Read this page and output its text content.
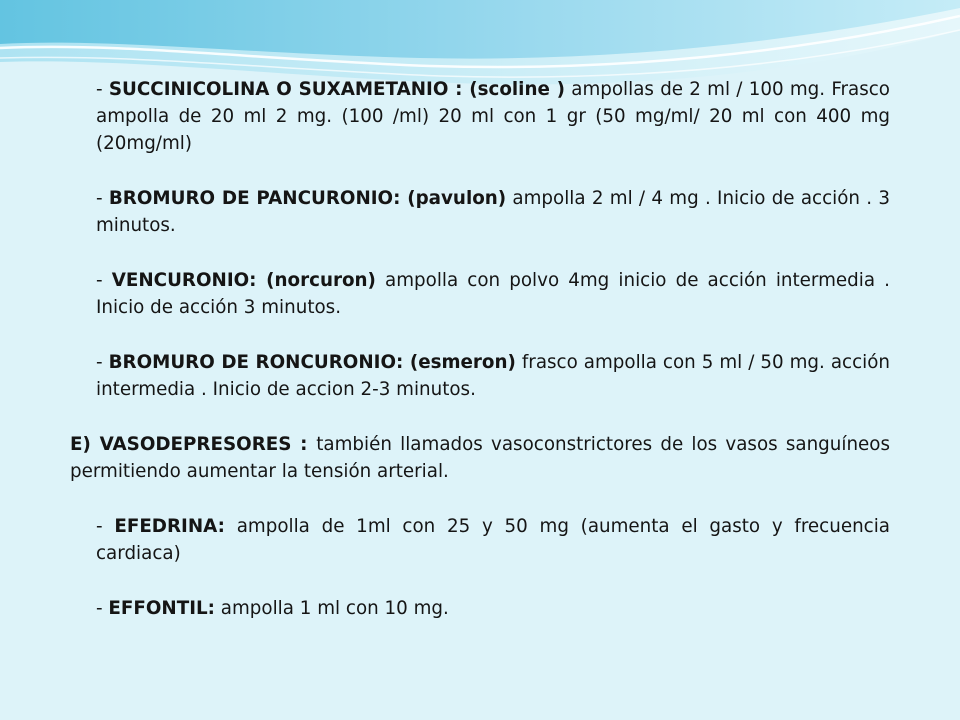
- SUCCINICOLINA O SUXAMETANIO : (scoline ) ampollas de 2 ml / 100 mg. Frasco ampolla de 20 ml 2 mg. (100 /ml) 20 ml con 1 gr (50 mg/ml/ 20 ml con 400 mg (20mg/ml)

- BROMURO DE PANCURONIO: (pavulon) ampolla 2 ml / 4 mg . Inicio de acción . 3 minutos.

- VENCURONIO: (norcuron) ampolla con polvo 4mg inicio de acción intermedia . Inicio de acción 3 minutos.

- BROMURO DE RONCURONIO: (esmeron) frasco ampolla con 5 ml / 50 mg. acción intermedia . Inicio de accion 2-3 minutos.

E) VASODEPRESORES : también llamados vasoconstrictores de los vasos sanguíneos permitiendo aumentar la tensión arterial.

- EFEDRINA: ampolla de 1ml con 25 y 50 mg (aumenta el gasto y frecuencia cardiaca)

- EFFONTIL: ampolla 1 ml con 10 mg.
